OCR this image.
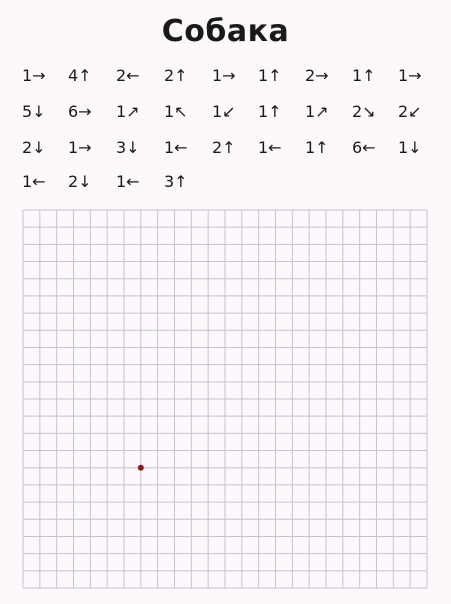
Собака
1→ 4↑ 2← 2↑ 1→ 1↑ 2→ 1↑ 1→
5↓ 6→ 1↗ 1↖ 1↙ 1↑ 1↗ 2↘ 2↙
2↓ 1→ 3↓ 1← 2↑ 1← 1↑ 6← 1↓
1← 2↓ 1← 3↑
